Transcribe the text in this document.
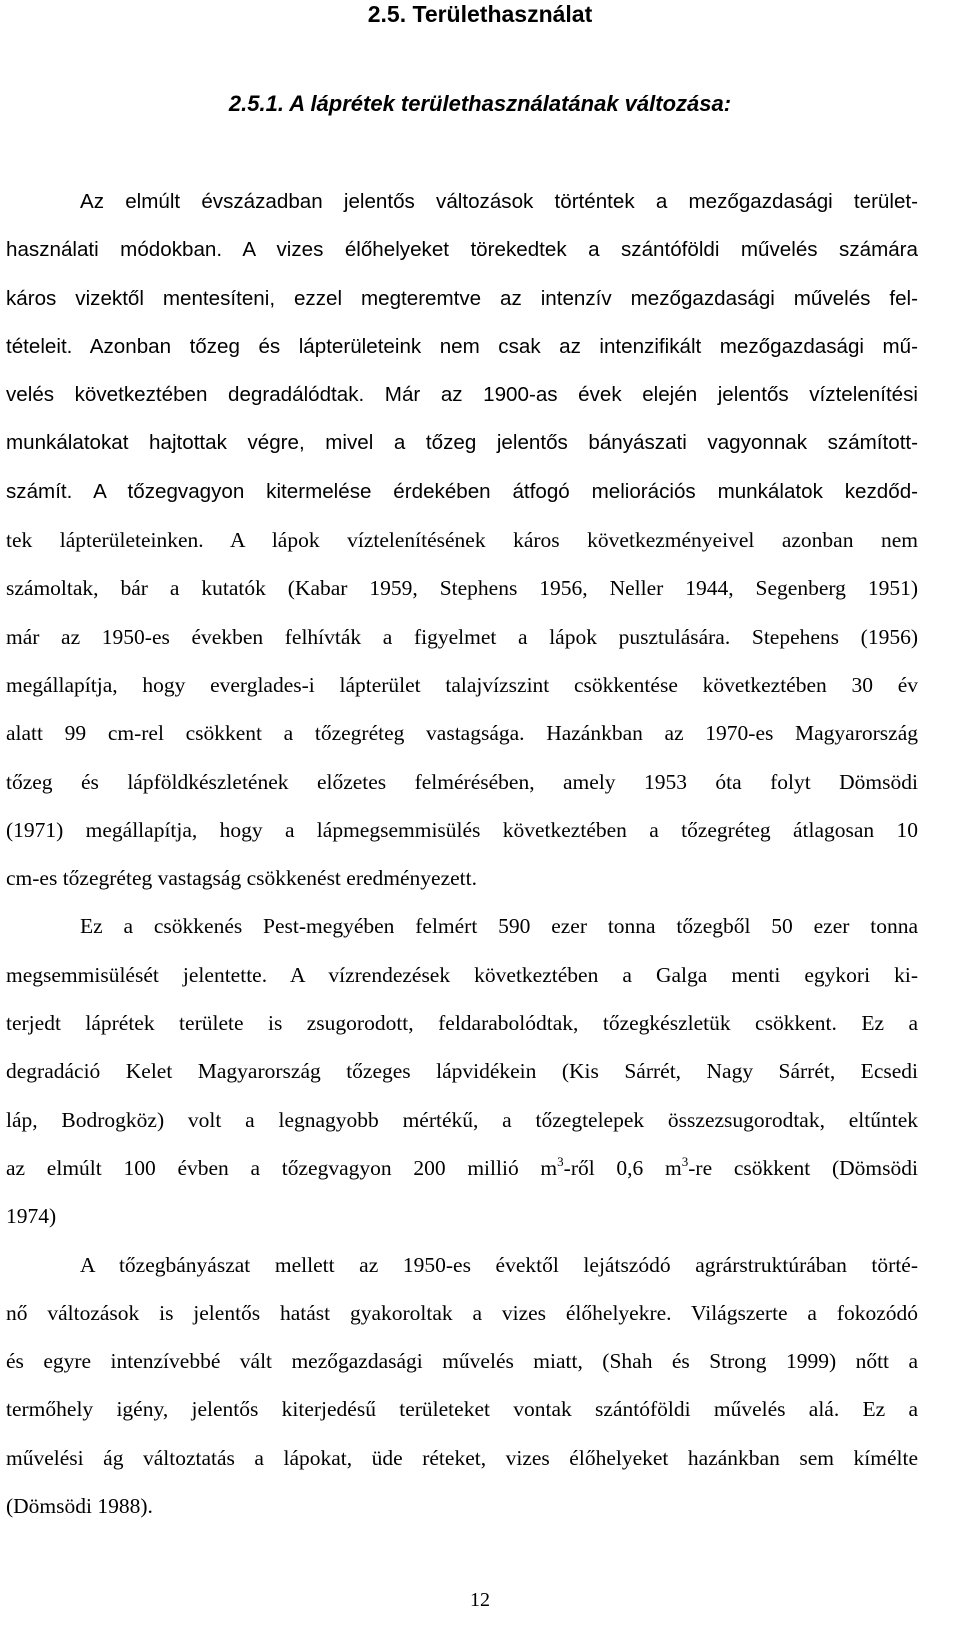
2.5. Területhasználat
2.5.1. A láprétek területhasználatának változása:
Az elmúlt évszázadban jelentős változások történtek a mezőgazdasági terület-
használati módokban. A vizes élőhelyeket törekedtek a szántóföldi művelés számára
káros vizektől mentesíteni, ezzel megteremtve az intenzív mezőgazdasági művelés fel-
tételeit. Azonban tőzeg és lápterületeink nem csak az intenzifikált mezőgazdasági mű-
velés következtében degradálódtak. Már az 1900-as évek elején jelentős víztelenítési
munkálatokat hajtottak végre, mivel a tőzeg jelentős bányászati vagyonnak számított-
számít. A tőzegvagyon kitermelése érdekében átfogó meliorációs munkálatok kezdőd-
tek lápterületeinken. A lápok víztelenítésének káros következményeivel azonban nem
számoltak, bár a kutatók (Kabar 1959, Stephens 1956, Neller 1944, Segenberg 1951)
már az 1950-es években felhívták a figyelmet a lápok pusztulására. Stepehens (1956)
megállapítja, hogy everglades-i lápterület talajvízszint csökkentése következtében 30 év
alatt 99 cm-rel csökkent a tőzegréteg vastagsága. Hazánkban az 1970-es Magyarország
tőzeg és lápföldkészletének előzetes felmérésében, amely 1953 óta folyt Dömsödi
(1971) megállapítja, hogy a lápmegsemmisülés következtében a tőzegréteg átlagosan 10
cm-es tőzegréteg vastagság csökkenést eredményezett.
Ez a csökkenés Pest-megyében felmért 590 ezer tonna tőzegből 50 ezer tonna
megsemmisülését jelentette. A vízrendezések következtében a Galga menti egykori ki-
terjedt láprétek területe is zsugorodott, feldarabolódtak, tőzegkészletük csökkent. Ez a
degradáció Kelet Magyarország tőzeges lápvidékein (Kis Sárrét, Nagy Sárrét, Ecsedi
láp, Bodrogköz) volt a legnagyobb mértékű, a tőzegtelepek összezsugorodtak, eltűntek
az elmúlt 100 évben a tőzegvagyon 200 millió $m^3$-ről 0,6 $m^3-re$ csökkent (Dömsödi
1974)
A tőzegbányászat mellett az 1950-es évektől lejátszódó agrárstruktúrában törté-
nő változások is jelentős hatást gyakoroltak a vizes élőhelyekre. Világszerte a fokozódó
és egyre intenzívebbé vált mezőgazdasági művelés miatt, (Shah és Strong 1999) nőtt a
termőhely igény, jelentős kiterjedésű területeket vontak szántóföldi művelés alá. Ez a
művelési ág változtatás a lápokat, üde réteket, vizes élőhelyeket hazánkban sem kímélte
(Dömsödi 1988).
12
